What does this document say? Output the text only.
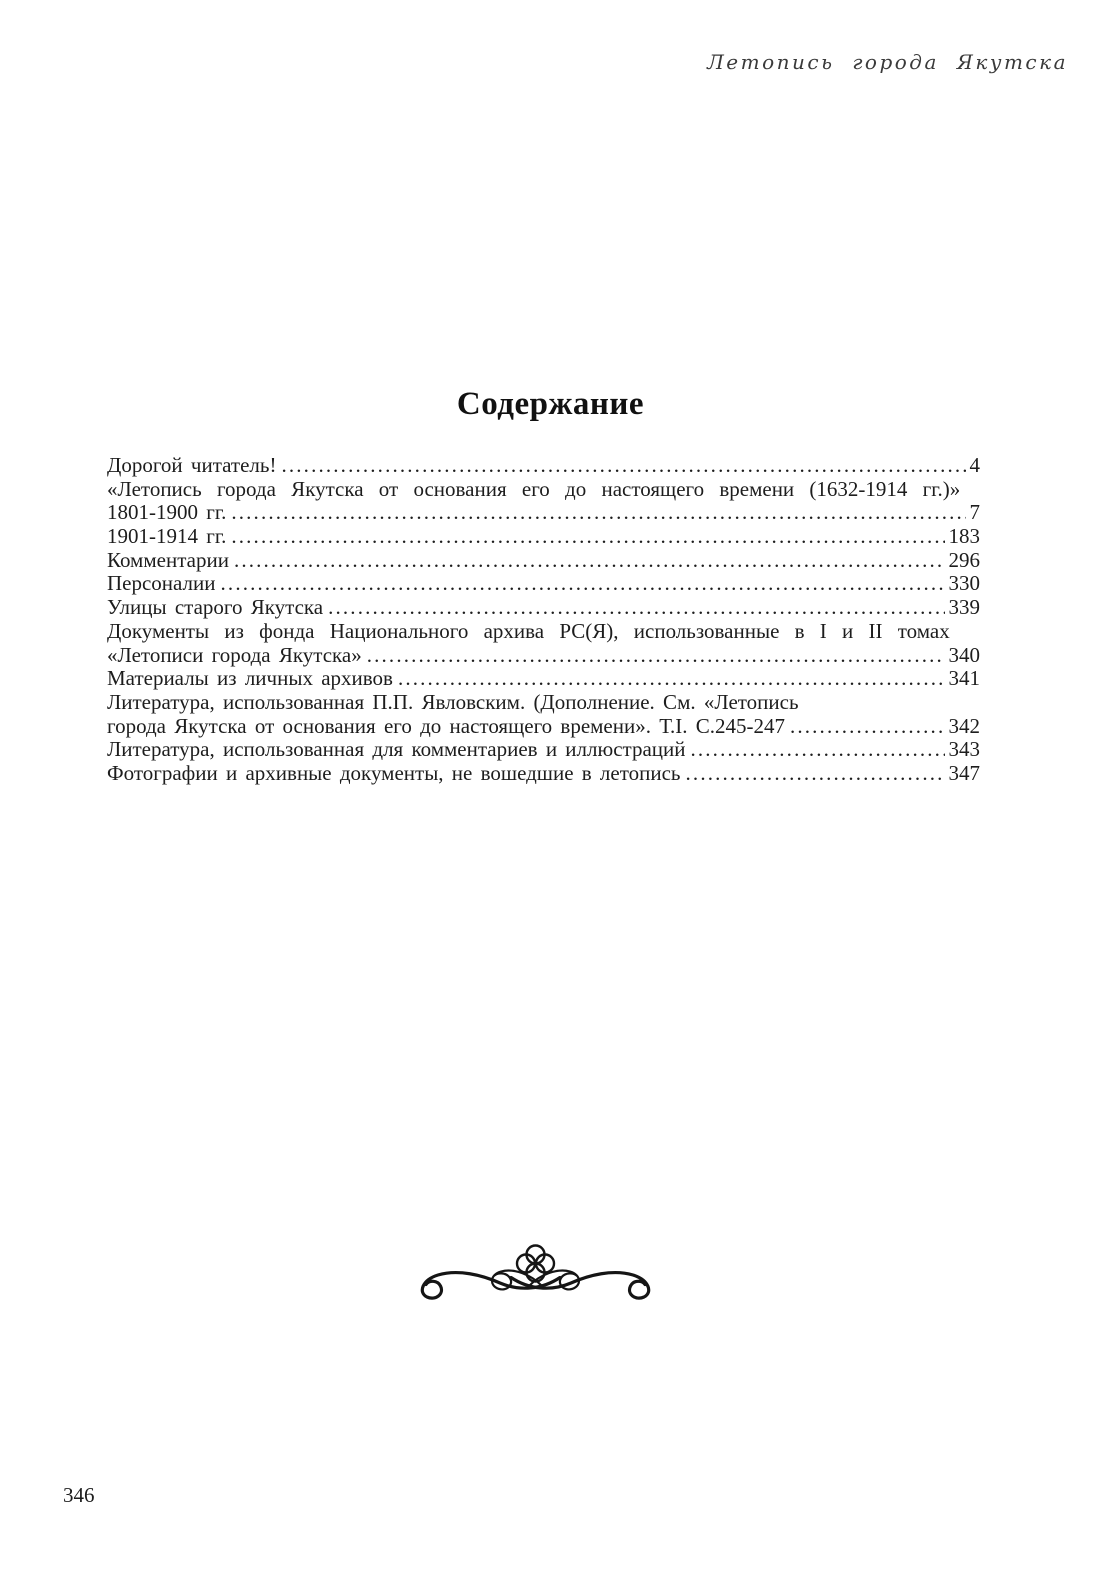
Летопись города Якутска
Содержание
Дорогой читатель! .....	4
«Летопись города Якутска от основания его до настоящего времени (1632-1914 гг.)»
1801-1900 гг. .....	7
1901-1914 гг. .....	183
Комментарии .....	296
Персоналии .....	330
Улицы старого Якутска .....	339
Документы из фонда Национального архива РС(Я), использованные в I и II томах
«Летописи города Якутска» .....	340
Материалы из личных архивов .....	341
Литература, использованная П.П. Явловским. (Дополнение. См. «Летопись
города Якутска от основания его до настоящего времени». Т.I. С.245-247 .....	342
Литература, использованная для комментариев и иллюстраций .....	343
Фотографии и архивные документы, не вошедшие в летопись .....	347
346
